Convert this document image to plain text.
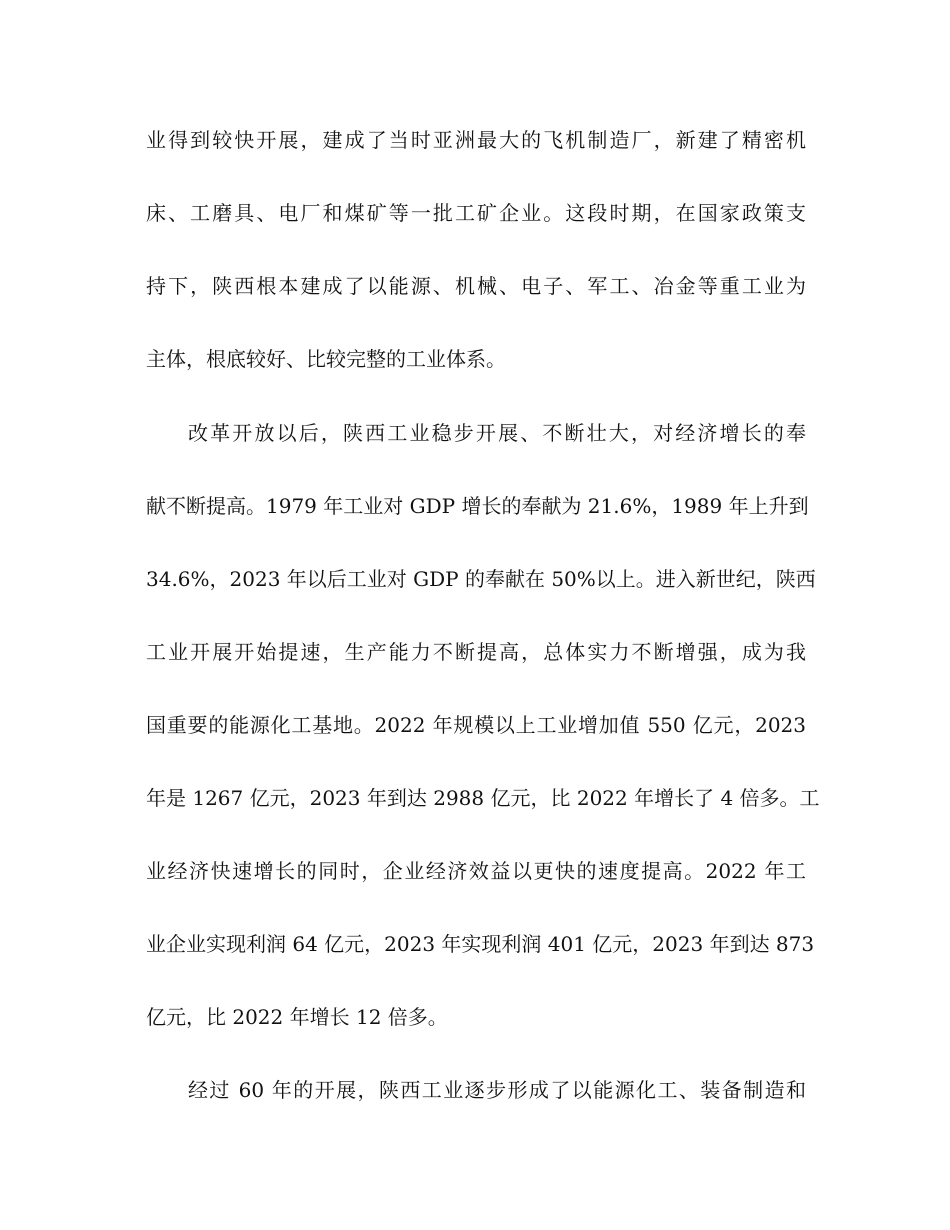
业得到较快开展，建成了当时亚洲最大的飞机制造厂，新建了精密机
床、工磨具、电厂和煤矿等一批工矿企业。这段时期，在国家政策支
持下，陕西根本建成了以能源、机械、电子、军工、冶金等重工业为
主体，根底较好、比较完整的工业体系。
改革开放以后，陕西工业稳步开展、不断壮大，对经济增长的奉
献不断提高。1979 年工业对 GDP 增长的奉献为 21.6%，1989 年上升到
34.6%，2023 年以后工业对 GDP 的奉献在 50%以上。进入新世纪，陕西
工业开展开始提速，生产能力不断提高，总体实力不断增强，成为我
国重要的能源化工基地。2022 年规模以上工业增加值 550 亿元，2023
年是 1267 亿元，2023 年到达 2988 亿元，比 2022 年增长了 4 倍多。工
业经济快速增长的同时，企业经济效益以更快的速度提高。2022 年工
业企业实现利润 64 亿元，2023 年实现利润 401 亿元，2023 年到达 873
亿元，比 2022 年增长 12 倍多。
经过 60 年的开展，陕西工业逐步形成了以能源化工、装备制造和
